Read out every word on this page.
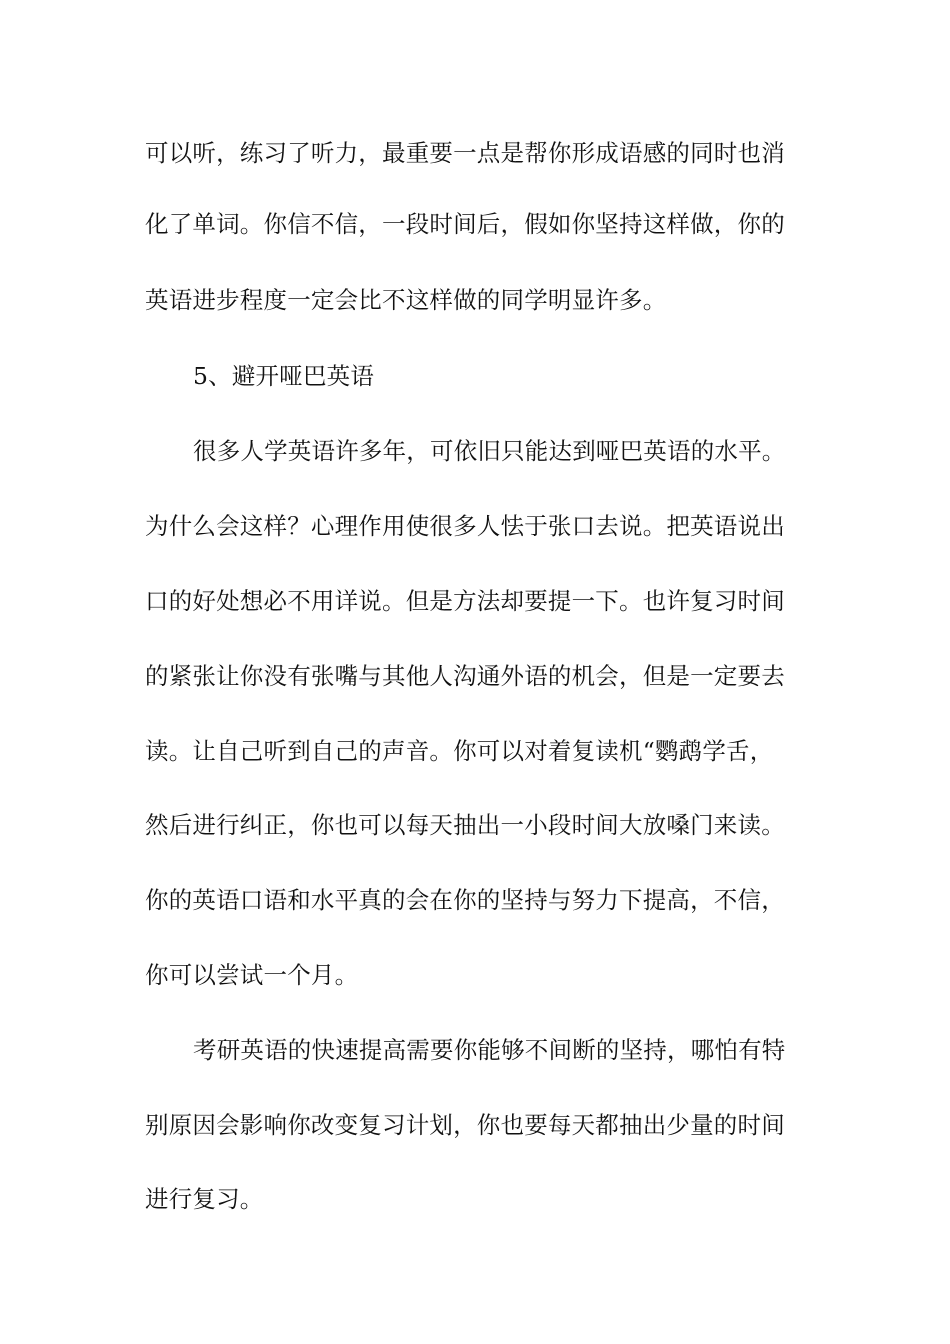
可以听，练习了听力，最重要一点是帮你形成语感的同时也消
化了单词。你信不信，一段时间后，假如你坚持这样做，你的
英语进步程度一定会比不这样做的同学明显许多。
5、避开哑巴英语
很多人学英语许多年，可依旧只能达到哑巴英语的水平。
为什么会这样？心理作用使很多人怯于张口去说。把英语说出
口的好处想必不用详说。但是方法却要提一下。也许复习时间
的紧张让你没有张嘴与其他人沟通外语的机会，但是一定要去
读。让自己听到自己的声音。你可以对着复读机“鹦鹉学舌，
然后进行纠正，你也可以每天抽出一小段时间大放嗓门来读。
你的英语口语和水平真的会在你的坚持与努力下提高，不信，
你可以尝试一个月。
考研英语的快速提高需要你能够不间断的坚持，哪怕有特
别原因会影响你改变复习计划，你也要每天都抽出少量的时间
进行复习。
